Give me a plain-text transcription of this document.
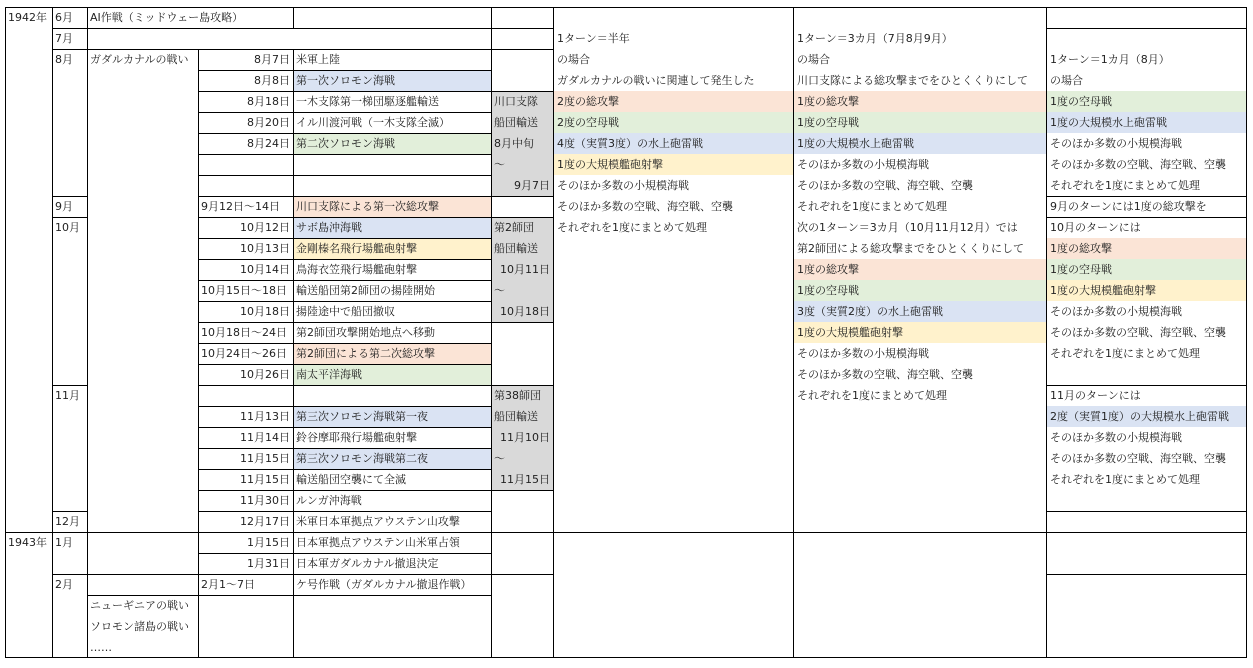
1942年
1943年
6月
7月
8月
9月
10月
11月
12月
1月
2月
AI作戦（ミッドウェー島攻略）
ガダルカナルの戦い
ニューギニアの戦い
ソロモン諸島の戦い
……
8月7日 米軍上陸
8月8日 第一次ソロモン海戦
8月18日 一木支隊第一梯団駆逐艦輸送
8月20日 イル川渡河戦（一木支隊全滅）
8月24日 第二次ソロモン海戦
9月12日～14日	川口支隊による第一次総攻撃
10月12日 サボ島沖海戦
10月13日 金剛榛名飛行場艦砲射撃
10月14日 鳥海衣笠飛行場艦砲射撃
10月15日～18日 輸送船団第2師団の揚陸開始
10月18日 揚陸途中で船団撤収
10月18日～24日 第2師団攻撃開始地点へ移動
10月24日～26日 第2師団による第二次総攻撃
10月26日 南太平洋海戦
11月13日 第三次ソロモン海戦第一夜
11月14日 鈴谷摩耶飛行場艦砲射撃
11月15日 第三次ソロモン海戦第二夜
11月15日 輸送船団空襲にて全滅
11月30日 ルンガ沖海戦
12月17日 米軍日本軍拠点アウステン山攻撃
1月15日 日本軍拠点アウステン山米軍占領
1月31日 日本軍ガダルカナル撤退決定
2月1～7日	ケ号作戦（ガダルカナル撤退作戦）
川口支隊
船団輸送
8月中旬
～
9月7日
第2師団
船団輸送
10月11日
～
10月18日
第38師団
船団輸送
11月10日
～
11月15日
1ターン＝半年
の場合
ガダルカナルの戦いに関連して発生した
2度の総攻撃
2度の空母戦
4度（実質3度）の水上砲雷戦
1度の大規模艦砲射撃
そのほか多数の小規模海戦
そのほか多数の空戦、海空戦、空襲
それぞれを1度にまとめて処理
1ターン＝3カ月（7月8月9月）
の場合
川口支隊による総攻撃までをひとくくりにして
1度の総攻撃
1度の空母戦
1度の大規模水上砲雷戦
そのほか多数の小規模海戦
そのほか多数の空戦、海空戦、空襲
それぞれを1度にまとめて処理
次の1ターン＝3カ月（10月11月12月）では
第2師団による総攻撃までをひとくくりにして
1度の総攻撃
1度の空母戦
3度（実質2度）の水上砲雷戦
1度の大規模艦砲射撃
そのほか多数の小規模海戦
そのほか多数の空戦、海空戦、空襲
それぞれを1度にまとめて処理
1ターン＝1カ月（8月）
の場合
1度の空母戦
1度の大規模水上砲雷戦
そのほか多数の小規模海戦
そのほか多数の空戦、海空戦、空襲
それぞれを1度にまとめて処理
9月のターンには1度の総攻撃を
10月のターンには
1度の総攻撃
1度の空母戦
1度の大規模艦砲射撃
そのほか多数の小規模海戦
そのほか多数の空戦、海空戦、空襲
それぞれを1度にまとめて処理
11月のターンには
2度（実質1度）の大規模水上砲雷戦
そのほか多数の小規模海戦
そのほか多数の空戦、海空戦、空襲
それぞれを1度にまとめて処理
